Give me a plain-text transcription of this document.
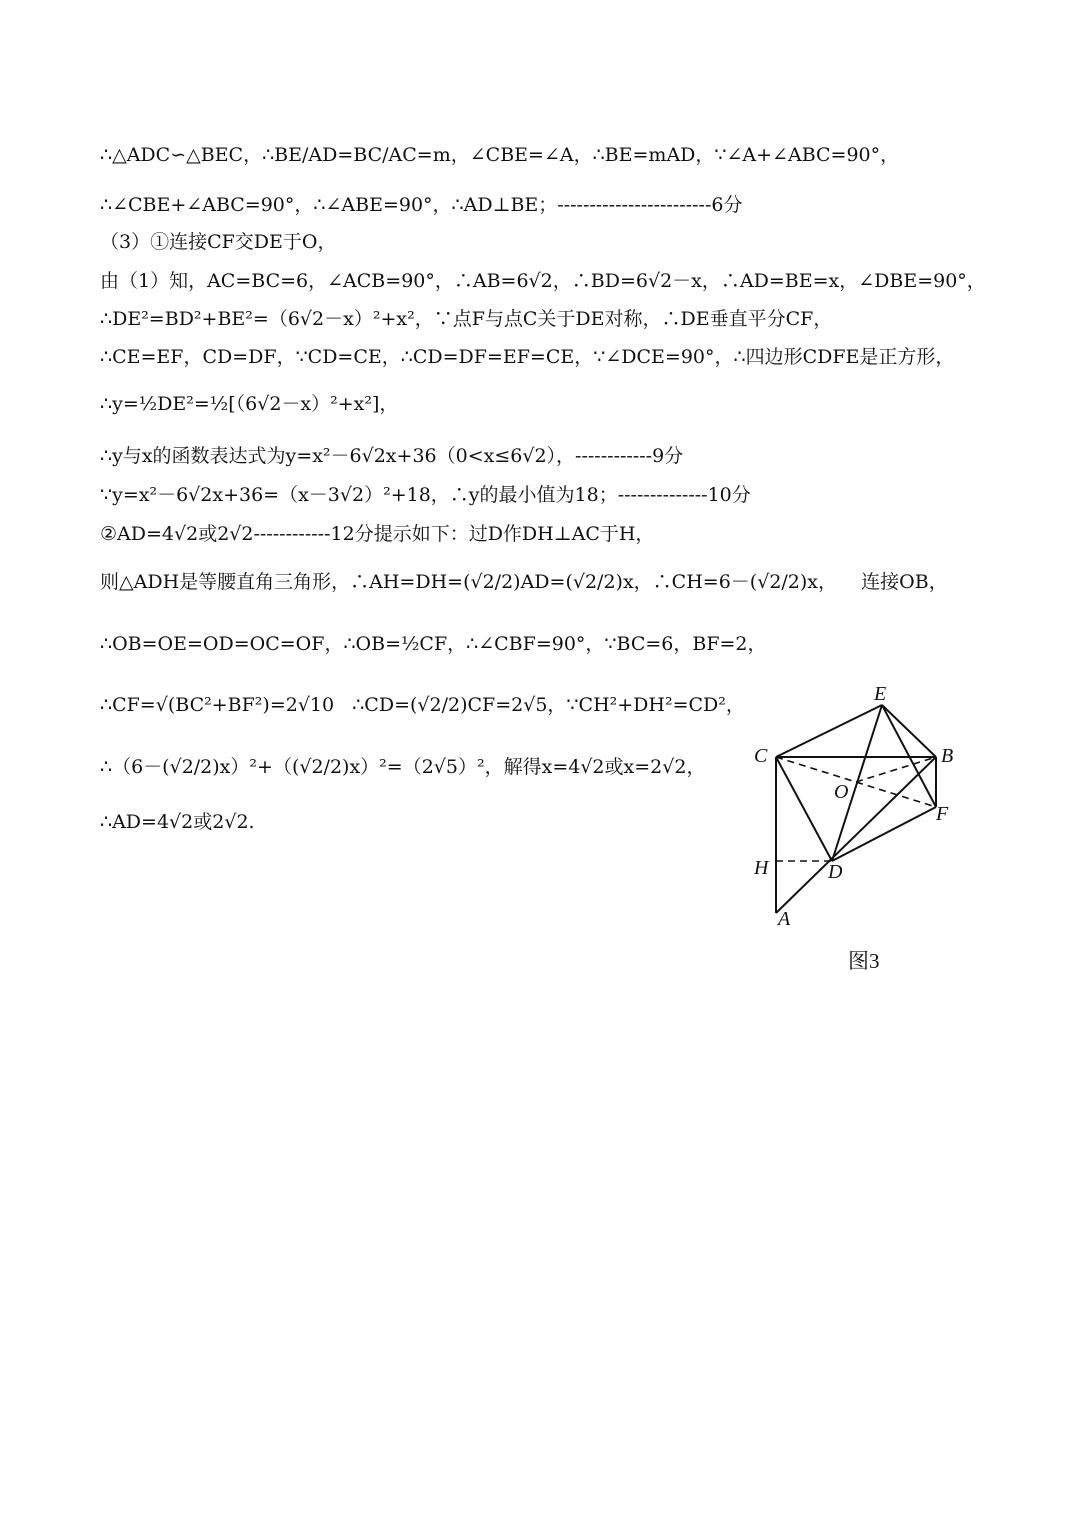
∴△ADC∽△BEC，∴BE/AD=BC/AC=m，∠CBE=∠A，∴BE=mAD，∵∠A+∠ABC=90°，
∴∠CBE+∠ABC=90°，∴∠ABE=90°，∴AD⊥BE；------------------------6分
（3）①连接CF交DE于O，
由（1）知，AC=BC=6，∠ACB=90°，∴AB=6√2，∴BD=6√2－x，∴AD=BE=x，∠DBE=90°，
∴DE²=BD²+BE²=（6√2－x）²+x²，∵点F与点C关于DE对称，∴DE垂直平分CF，
∴CE=EF，CD=DF，∵CD=CE，∴CD=DF=EF=CE，∵∠DCE=90°，∴四边形CDFE是正方形，
∴y=½DE²=½[（6√2－x）²+x²]，
∴y与x的函数表达式为y=x²－6√2x+36（0<x≤6√2），------------9分
∵y=x²－6√2x+36=（x－3√2）²+18，∴y的最小值为18；--------------10分
②AD=4√2或2√2------------12分提示如下：过D作DH⊥AC于H，
则△ADH是等腰直角三角形，∴AH=DH=(√2/2)AD=(√2/2)x，∴CH=6－(√2/2)x，    连接OB，
∴OB=OE=OD=OC=OF，∴OB=½CF，∴∠CBF=90°，∵BC=6，BF=2，
∴CF=√(BC²+BF²)=2√10   ∴CD=(√2/2)CF=2√5，∵CH²+DH²=CD²，
∴（6－(√2/2)x）²+（(√2/2)x）²=（2√5）²，解得x=4√2或x=2√2，
∴AD=4√2或2√2.
E
C	B
O
F
H	D
A
图3
